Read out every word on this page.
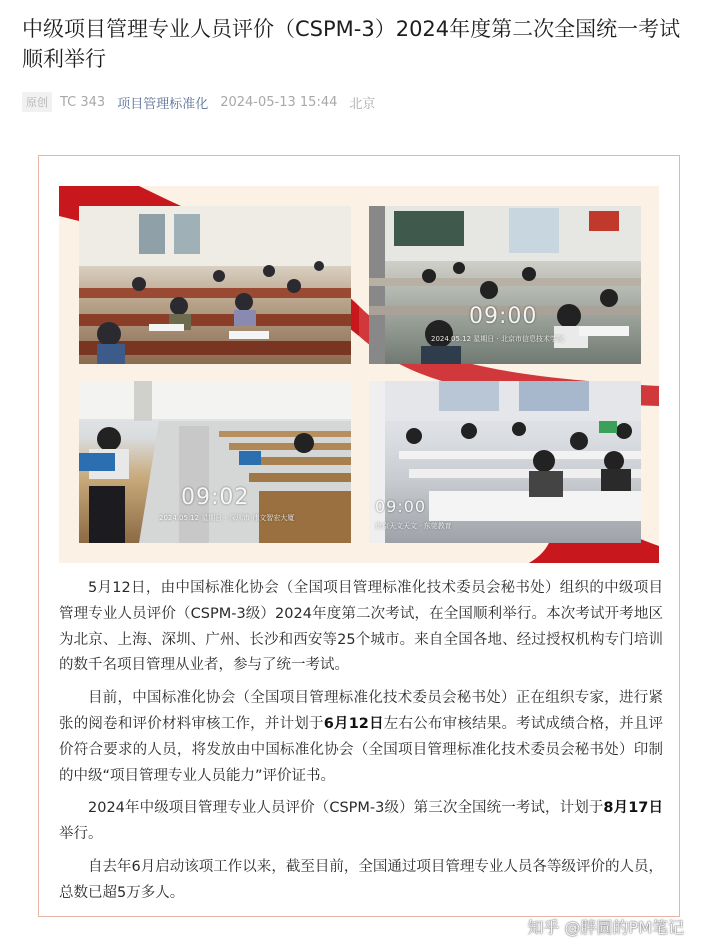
中级项目管理专业人员评价（CSPM-3）2024年度第二次全国统一考试顺利举行
原创 TC 343 项目管理标准化 2024-05-13 15:44 北京
09:00
2024.05.12 星期日 · 北京市信息技术学院
09:02
2024.05.12 星期日 · 深圳市·伟文智宏大厦
09:00
南京天文天文 · 东莞教育

5月12日，由中国标准化协会（全国项目管理标准化技术委员会秘书处）组织的中级项目管理专业人员评价（CSPM-3级）2024年度第二次考试，在全国顺利举行。本次考试开考地区为北京、上海、深圳、广州、长沙和西安等25个城市。来自全国各地、经过授权机构专门培训的数千名项目管理从业者，参与了统一考试。

目前，中国标准化协会（全国项目管理标准化技术委员会秘书处）正在组织专家，进行紧张的阅卷和评价材料审核工作，并计划于6月12日左右公布审核结果。考试成绩合格，并且评价符合要求的人员，将发放由中国标准化协会（全国项目管理标准化技术委员会秘书处）印制的中级“项目管理专业人员能力”评价证书。

2024年中级项目管理专业人员评价（CSPM-3级）第三次全国统一考试，计划于8月17日举行。

自去年6月启动该项工作以来，截至目前，全国通过项目管理专业人员各等级评价的人员，总数已超5万多人。

知乎 @胖圆的PM笔记
